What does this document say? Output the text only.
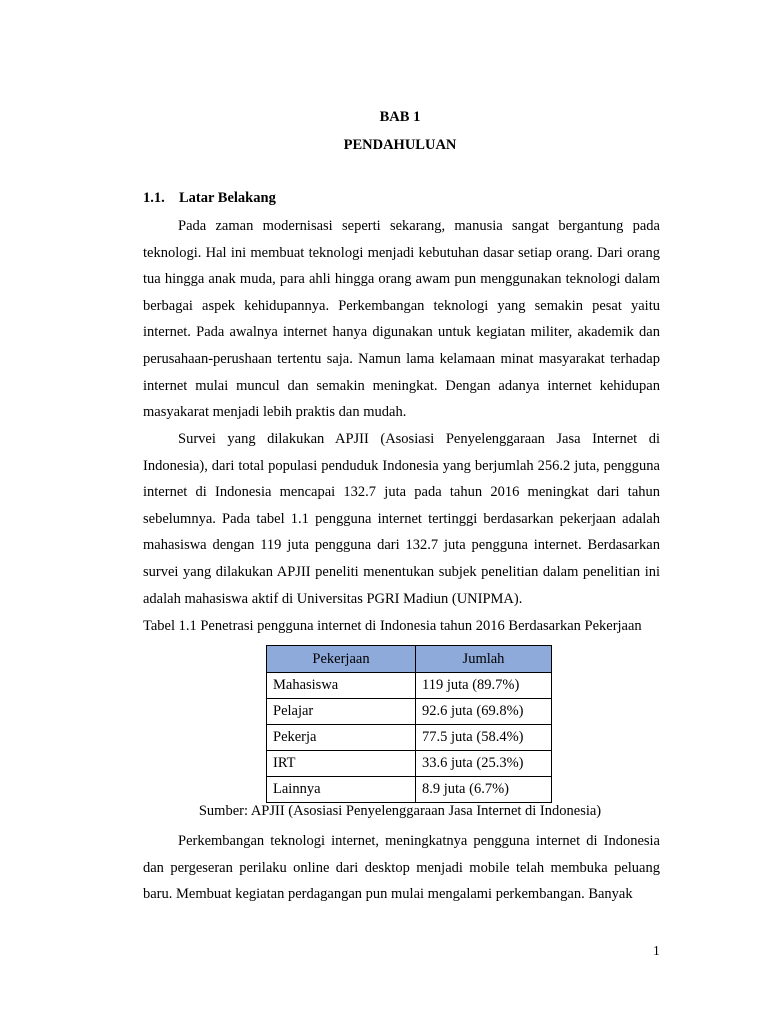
BAB 1
PENDAHULUAN
1.1. Latar Belakang

Pada zaman modernisasi seperti sekarang, manusia sangat bergantung pada teknologi. Hal ini membuat teknologi menjadi kebutuhan dasar setiap orang. Dari orang tua hingga anak muda, para ahli hingga orang awam pun menggunakan teknologi dalam berbagai aspek kehidupannya. Perkembangan teknologi yang semakin pesat yaitu internet. Pada awalnya internet hanya digunakan untuk kegiatan militer, akademik dan perusahaan-perushaan tertentu saja. Namun lama kelamaan minat masyarakat terhadap internet mulai muncul dan semakin meningkat. Dengan adanya internet kehidupan masyakarat menjadi lebih praktis dan mudah.

Survei yang dilakukan APJII (Asosiasi Penyelenggaraan Jasa Internet di Indonesia), dari total populasi penduduk Indonesia yang berjumlah 256.2 juta, pengguna internet di Indonesia mencapai 132.7 juta pada tahun 2016 meningkat dari tahun sebelumnya. Pada tabel 1.1 pengguna internet tertinggi berdasarkan pekerjaan adalah mahasiswa dengan 119 juta pengguna dari 132.7 juta pengguna internet. Berdasarkan survei yang dilakukan APJII peneliti menentukan subjek penelitian dalam penelitian ini adalah mahasiswa aktif di Universitas PGRI Madiun (UNIPMA).

Tabel 1.1 Penetrasi pengguna internet di Indonesia tahun 2016 Berdasarkan Pekerjaan
Pekerjaan	Jumlah
Mahasiswa	119 juta (89.7%)
Pelajar	92.6 juta (69.8%)
Pekerja	77.5 juta (58.4%)
IRT	33.6 juta (25.3%)
Lainnya	8.9 juta (6.7%)
Sumber: APJII (Asosiasi Penyelenggaraan Jasa Internet di Indonesia)

Perkembangan teknologi internet, meningkatnya pengguna internet di Indonesia dan pergeseran perilaku online dari desktop menjadi mobile telah membuka peluang baru. Membuat kegiatan perdagangan pun mulai mengalami perkembangan. Banyak

1
